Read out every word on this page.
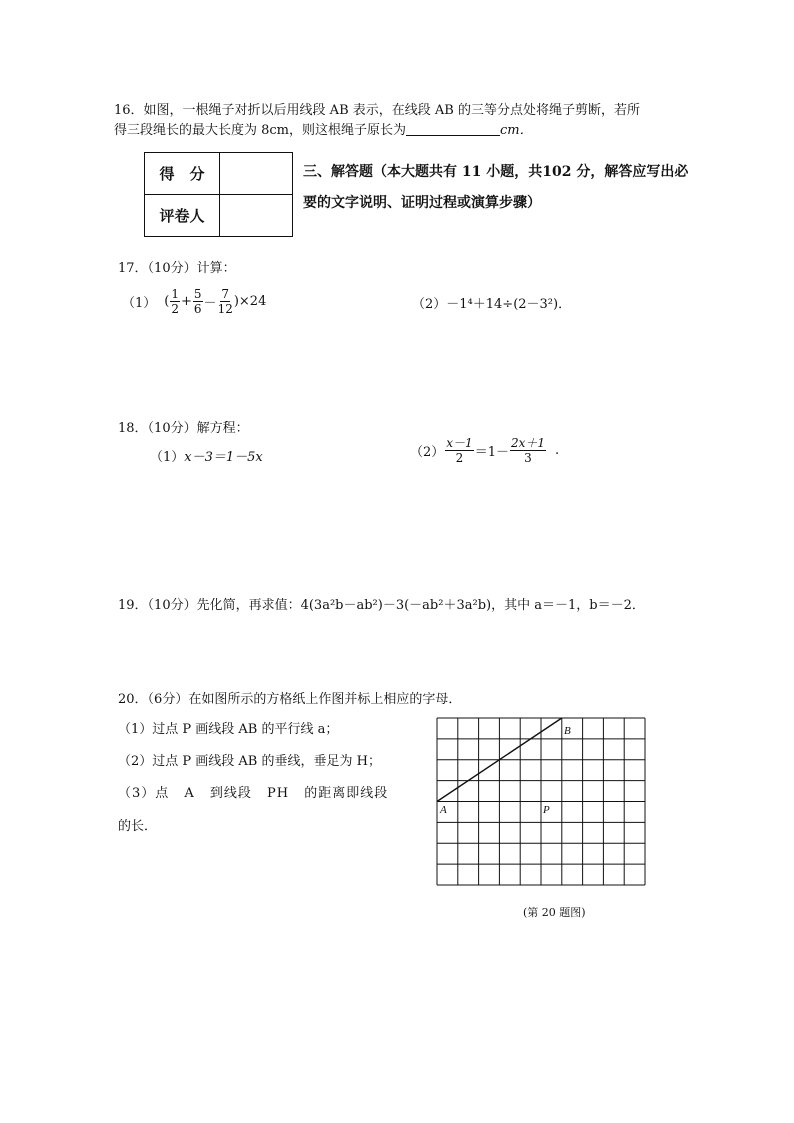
16．如图，一根绳子对折以后用线段 AB 表示，在线段 AB 的三等分点处将绳子剪断，若所
得三段绳长的最大长度为 8cm，则这根绳子原长为	cm．
得　分	
评卷人	
三、解答题（本大题共有 11 小题，共102 分，解答应写出必
要的文字说明、证明过程或演算步骤）
17．（10分）计算：
（1） ( $\frac{1}{2} + \frac{5}{6} - \frac{7}{12} )\times 24$	（2）－1⁴＋14÷(2－3²)．
18．（10分）解方程：
（1）x－3＝1－5x	$(2) \frac{x-1}{2} =1- \frac{2x+1}{3}$ .
19．（10分）先化简，再求值：4(3a²b－ab²)－3(－ab²＋3a²b)，其中 a＝－1，b＝－2．
20．（6分）在如图所示的方格纸上作图并标上相应的字母．
（1）过点 P 画线段 AB 的平行线 a；
（2）过点 P 画线段 AB 的垂线，垂足为 H；
（3）点 A 到线段 PH 的距离即线段
的长．
A
B
P
(第 20 题图)
